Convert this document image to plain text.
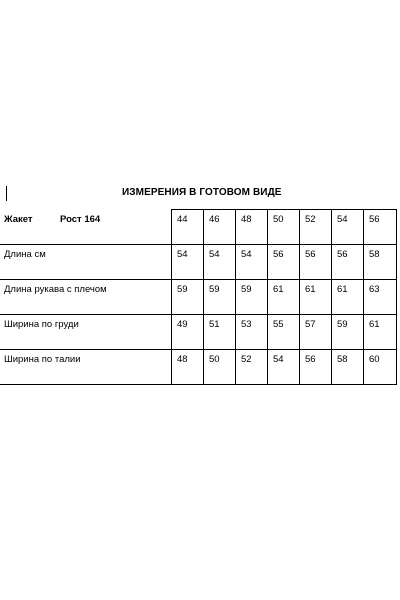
ИЗМЕРЕНИЯ В ГОТОВОМ ВИДЕ
Жакет Рост 164	44	46	48	50	52	54	56

Длина см	54	54	54	56	56	56	58

Длина рукава с плечом	59	59	59	61	61	61	63

Ширина по груди	49	51	53	55	57	59	61

Ширина по талии	48	50	52	54	56	58	60
